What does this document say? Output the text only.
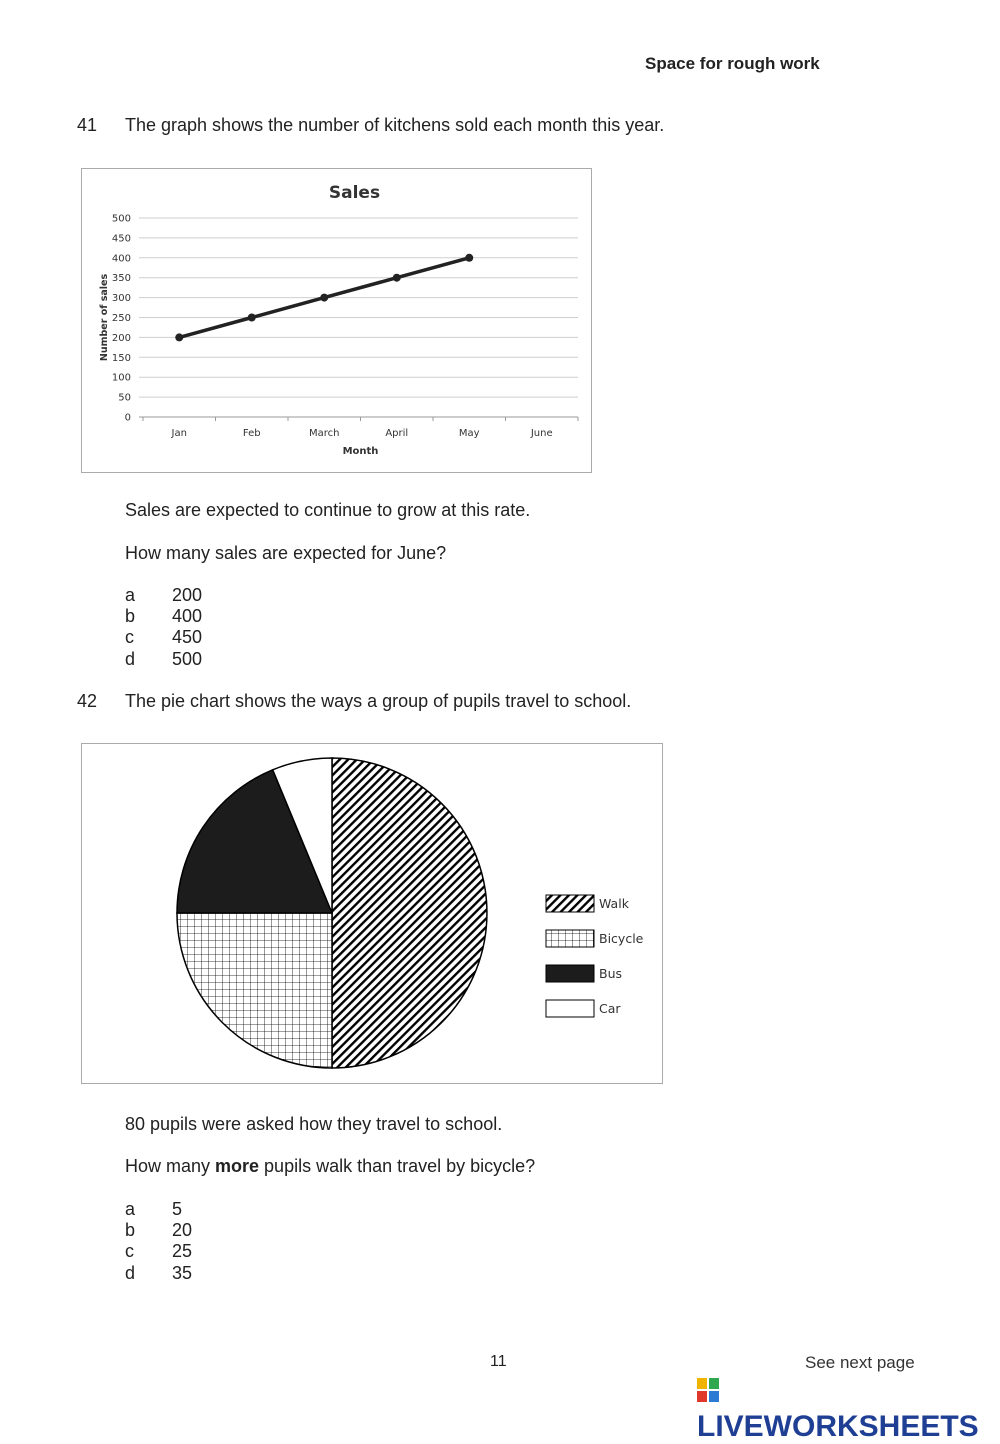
Space for rough work
41 The graph shows the number of kitchens sold each month this year.
Sales
0
50
100
150
200
250
300
350
400
450
500
Jan	Feb	March	April	May	June
Month
Number of sales
Sales are expected to continue to grow at this rate.
How many sales are expected for June?
a 200
b 400
c 450
d 500
42 The pie chart shows the ways a group of pupils travel to school.
Walk
Bicycle
Bus
Car
80 pupils were asked how they travel to school.
How many more pupils walk than travel by bicycle?
a 5
b 20
c 25
d 35
11	See next page
LIVEWORKSHEETS
